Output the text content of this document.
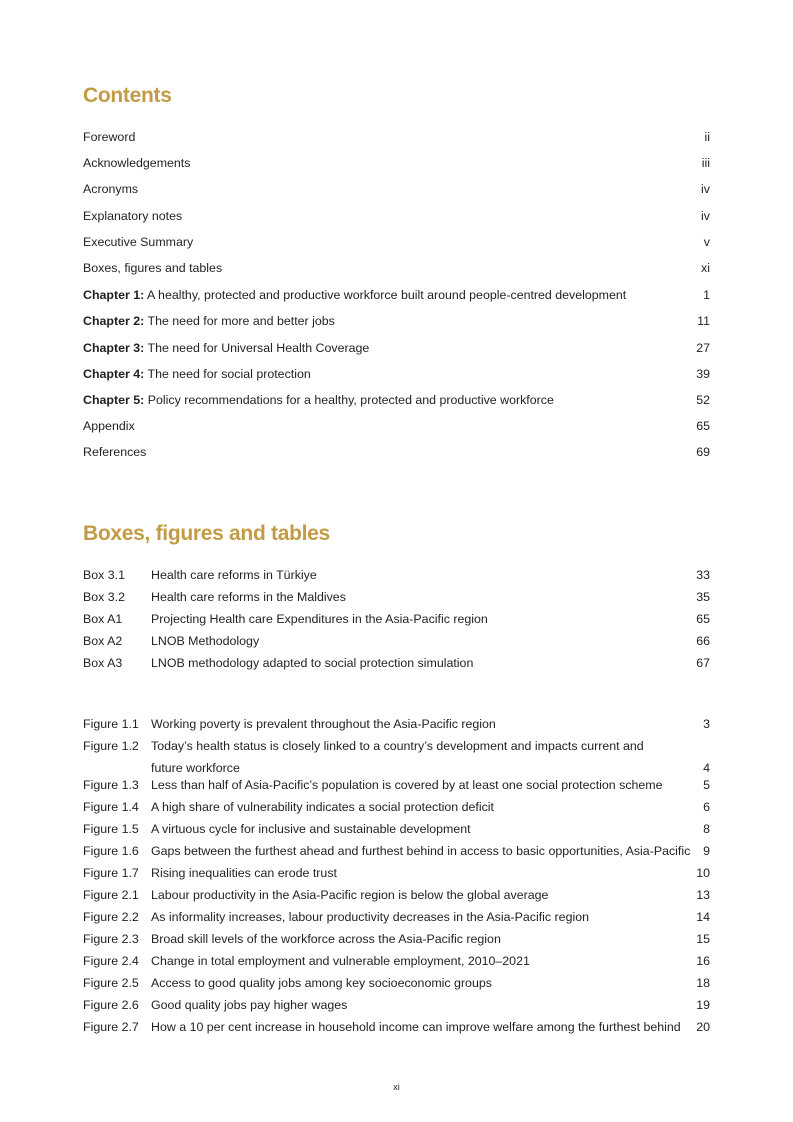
Contents
Foreword	ii
Acknowledgements	iii
Acronyms	iv
Explanatory notes	iv
Executive Summary	v
Boxes, figures and tables	xi
Chapter 1: A healthy, protected and productive workforce built around people-centred development	1
Chapter 2: The need for more and better jobs	11
Chapter 3: The need for Universal Health Coverage	27
Chapter 4: The need for social protection	39
Chapter 5: Policy recommendations for a healthy, protected and productive workforce	52
Appendix	65
References	69
Boxes, figures and tables
Box 3.1 Health care reforms in Türkiye	33
Box 3.2 Health care reforms in the Maldives	35
Box A1 Projecting Health care Expenditures in the Asia-Pacific region	65
Box A2 LNOB Methodology	66
Box A3 LNOB methodology adapted to social protection simulation	67
Figure 1.1 Working poverty is prevalent throughout the Asia-Pacific region	3
Figure 1.2 Today’s health status is closely linked to a country’s development and impacts current and future workforce	4
Figure 1.3 Less than half of Asia-Pacific’s population is covered by at least one social protection scheme	5
Figure 1.4 A high share of vulnerability indicates a social protection deficit	6
Figure 1.5 A virtuous cycle for inclusive and sustainable development	8
Figure 1.6 Gaps between the furthest ahead and furthest behind in access to basic opportunities, Asia-Pacific 9
Figure 1.7 Rising inequalities can erode trust	10
Figure 2.1 Labour productivity in the Asia-Pacific region is below the global average	13
Figure 2.2 As informality increases, labour productivity decreases in the Asia-Pacific region	14
Figure 2.3 Broad skill levels of the workforce across the Asia-Pacific region	15
Figure 2.4 Change in total employment and vulnerable employment, 2010–2021	16
Figure 2.5 Access to good quality jobs among key socioeconomic groups	18
Figure 2.6 Good quality jobs pay higher wages	19
Figure 2.7 How a 10 per cent increase in household income can improve welfare among the furthest behind 20
xi
